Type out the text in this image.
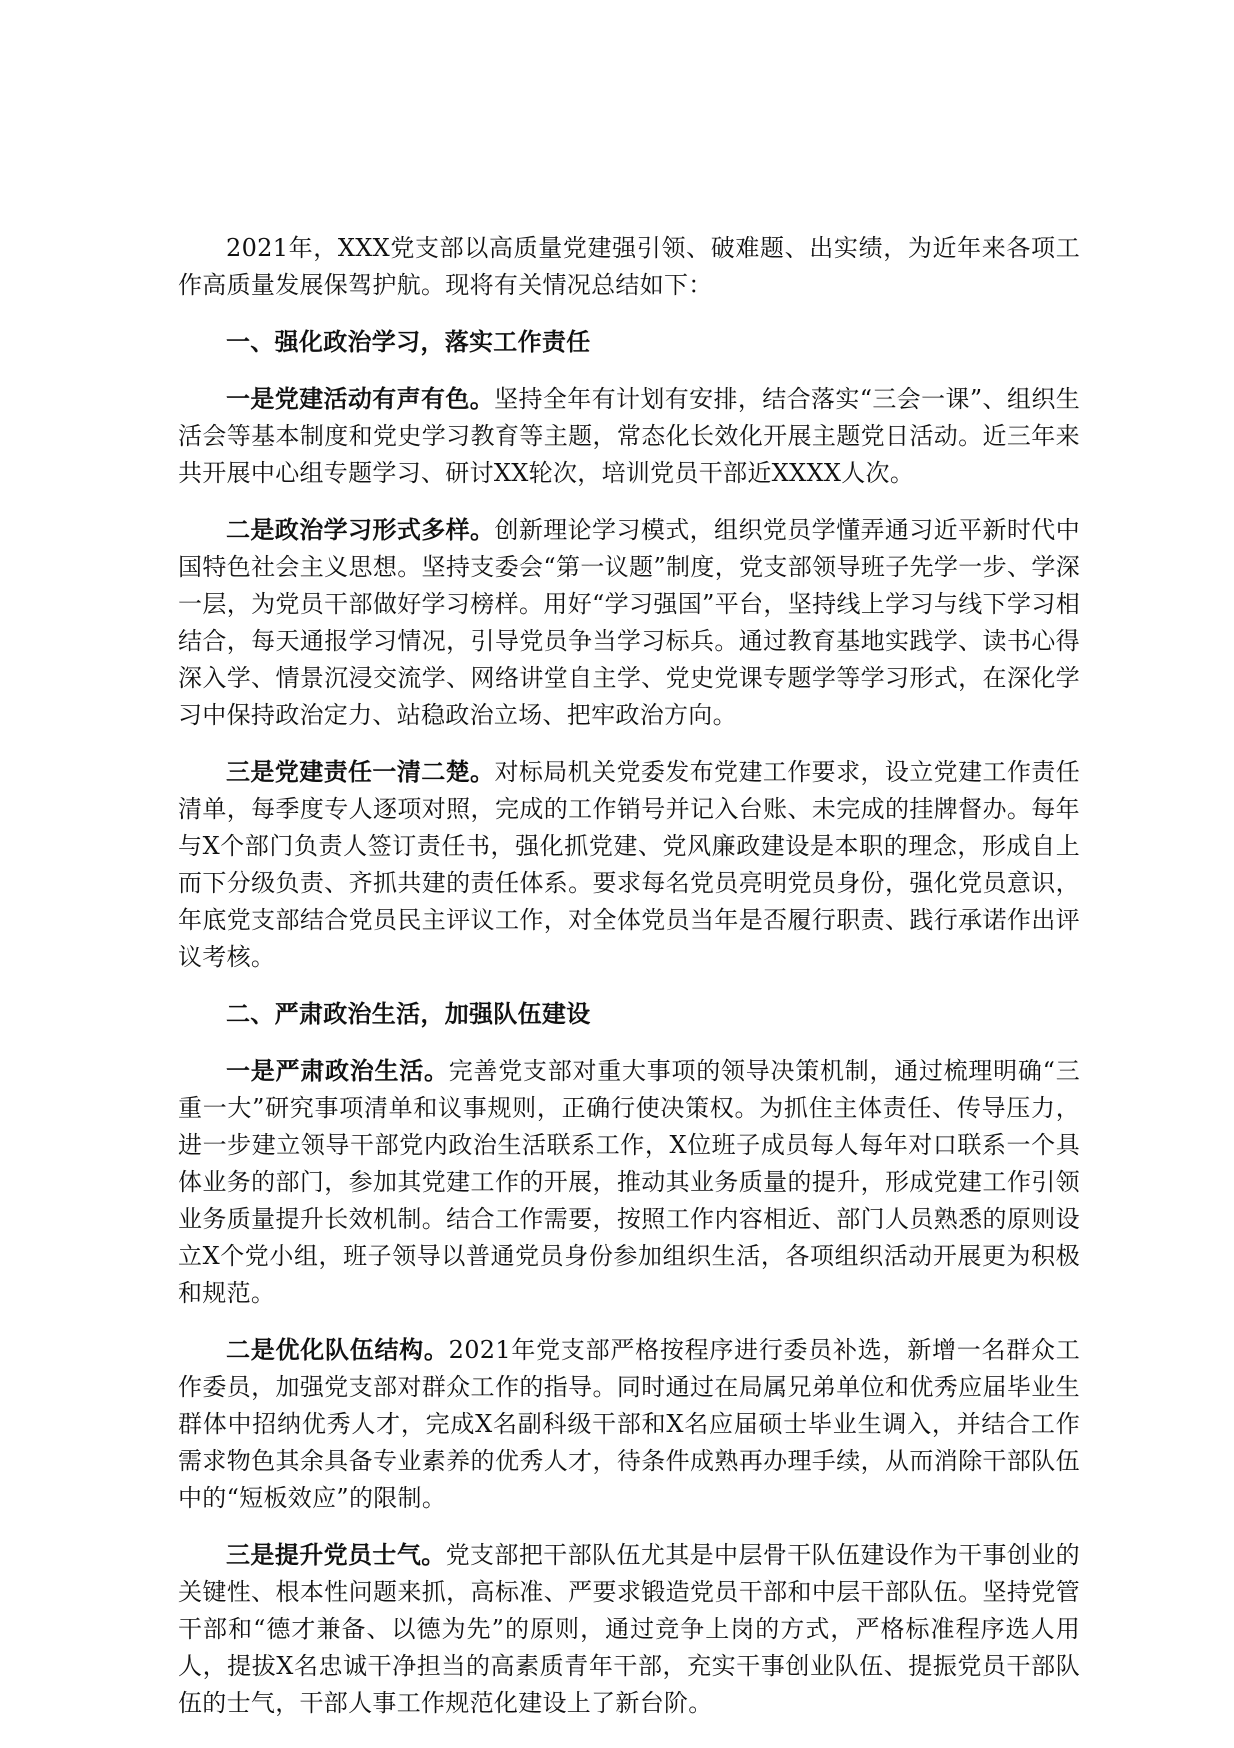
2021年，XXX党支部以高质量党建强引领、破难题、出实绩，为近年来各项工作高质量发展保驾护航。现将有关情况总结如下：

一、强化政治学习，落实工作责任

一是党建活动有声有色。坚持全年有计划有安排，结合落实“三会一课”、组织生活会等基本制度和党史学习教育等主题，常态化长效化开展主题党日活动。近三年来共开展中心组专题学习、研讨XX轮次，培训党员干部近XXXX人次。

二是政治学习形式多样。创新理论学习模式，组织党员学懂弄通习近平新时代中国特色社会主义思想。坚持支委会“第一议题”制度，党支部领导班子先学一步、学深一层，为党员干部做好学习榜样。用好“学习强国”平台，坚持线上学习与线下学习相结合，每天通报学习情况，引导党员争当学习标兵。通过教育基地实践学、读书心得深入学、情景沉浸交流学、网络讲堂自主学、党史党课专题学等学习形式，在深化学习中保持政治定力、站稳政治立场、把牢政治方向。

三是党建责任一清二楚。对标局机关党委发布党建工作要求，设立党建工作责任清单，每季度专人逐项对照，完成的工作销号并记入台账、未完成的挂牌督办。每年与X个部门负责人签订责任书，强化抓党建、党风廉政建设是本职的理念，形成自上而下分级负责、齐抓共建的责任体系。要求每名党员亮明党员身份，强化党员意识，年底党支部结合党员民主评议工作，对全体党员当年是否履行职责、践行承诺作出评议考核。

二、严肃政治生活，加强队伍建设

一是严肃政治生活。完善党支部对重大事项的领导决策机制，通过梳理明确“三重一大”研究事项清单和议事规则，正确行使决策权。为抓住主体责任、传导压力，进一步建立领导干部党内政治生活联系工作，X位班子成员每人每年对口联系一个具体业务的部门，参加其党建工作的开展，推动其业务质量的提升，形成党建工作引领业务质量提升长效机制。结合工作需要，按照工作内容相近、部门人员熟悉的原则设立X个党小组，班子领导以普通党员身份参加组织生活，各项组织活动开展更为积极和规范。

二是优化队伍结构。2021年党支部严格按程序进行委员补选，新增一名群众工作委员，加强党支部对群众工作的指导。同时通过在局属兄弟单位和优秀应届毕业生群体中招纳优秀人才，完成X名副科级干部和X名应届硕士毕业生调入，并结合工作需求物色其余具备专业素养的优秀人才，待条件成熟再办理手续，从而消除干部队伍中的“短板效应”的限制。

三是提升党员士气。党支部把干部队伍尤其是中层骨干队伍建设作为干事创业的关键性、根本性问题来抓，高标准、严要求锻造党员干部和中层干部队伍。坚持党管干部和“德才兼备、以德为先”的原则，通过竞争上岗的方式，严格标准程序选人用人，提拔X名忠诚干净担当的高素质青年干部，充实干事创业队伍、提振党员干部队伍的士气，干部人事工作规范化建设上了新台阶。
